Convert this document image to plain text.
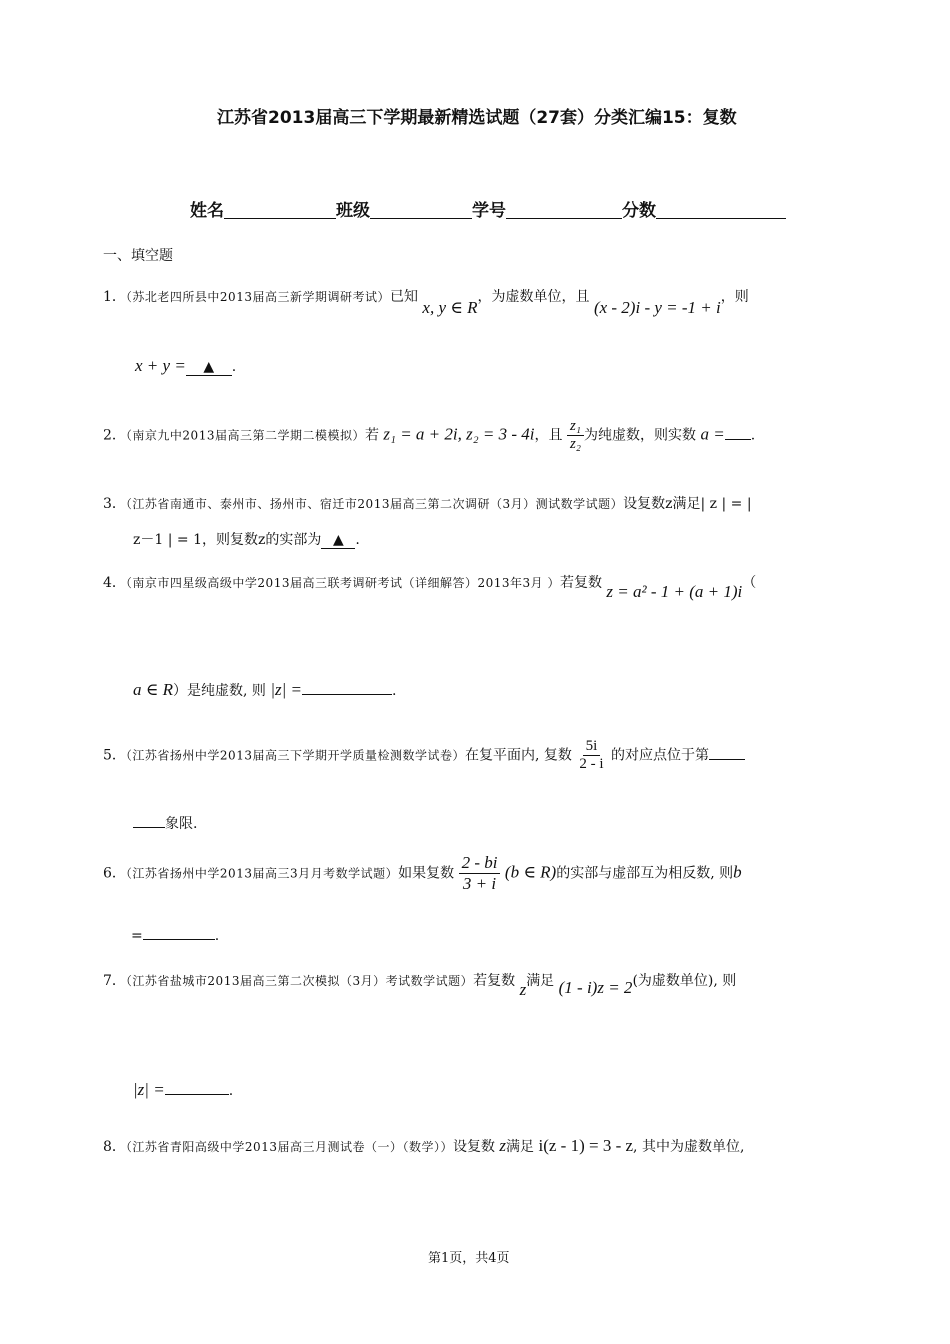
江苏省2013届高三下学期最新精选试题（27套）分类汇编15：复数
姓名	班级	学号	分数
一、填空题
1．（苏北老四所县中2013届高三新学期调研考试）已知 x, y ∈ R，为虚数单位，且 (x - 2)i - y = -1 + i，则
x + y = ▲ .
2．（南京九中2013届高三第二学期二模模拟）若 z₁ = a + 2i, z₂ = 3 - 4i，且 $\frac{\text{z₁}}{\text{z₂}}$ 为纯虚数，则实数 a = .
3．（江苏省南通市、泰州市、扬州市、宿迁市2013届高三第二次调研（3月）测试数学试题）设复数z满足| z | = |
z－1 | = 1，则复数z的实部为 ▲ .
4．（南京市四星级高级中学2013届高三联考调研考试（详细解答）2013年3月 ）若复数 z = a² - 1 + (a + 1)i（
a ∈ R）是纯虚数, 则 |z| =	.
5．（江苏省扬州中学2013届高三下学期开学质量检测数学试卷）在复平面内, 复数 $\frac{5i}{2 - i}$ 的对应点位于第
象限.
6．（江苏省扬州中学2013届高三3月月考数学试题）如果复数 $\frac{2 - bi}{3 + i} (b$ ∈ R)的实部与虚部互为相反数, 则b
=	.
7．（江苏省盐城市2013届高三第二次模拟（3月）考试数学试题）若复数 z满足 (1 - i)z = 2(为虚数单位), 则
|z| =	.
8．（江苏省青阳高级中学2013届高三月测试卷（一）（数学））设复数 z满足 i(z - 1) = 3 - z, 其中为虚数单位,
第1页，共4页
